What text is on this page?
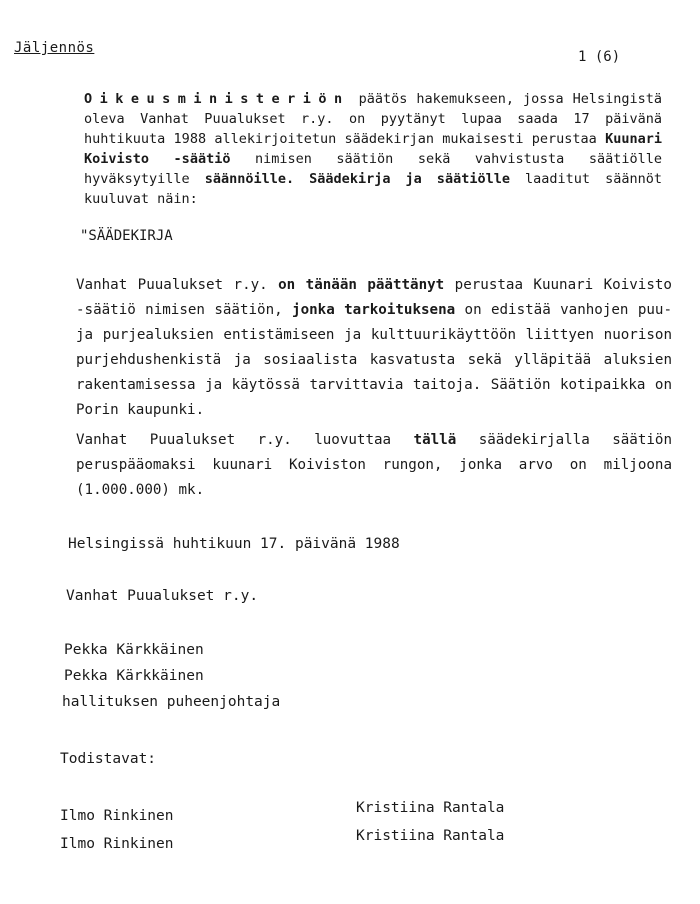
Jäljennös
1 (6)

Oikeusministeriön päätös hakemukseen, jossa Helsingistä oleva Vanhat Puualukset r.y. on pyytänyt lupaa saada 17 päivänä huhtikuuta 1988 allekirjoitetun säädekirjan mukaisesti perustaa Kuunari Koivisto -säätiö nimisen säätiön sekä vahvistusta säätiölle hyväksytyille säännöille. Säädekirja ja säätiölle laaditut säännöt kuuluvat näin:

"SÄÄDEKIRJA

Vanhat Puualukset r.y. on tänään päättänyt perustaa Kuunari Koivisto -säätiö nimisen säätiön, jonka tarkoituksena on edistää vanhojen puu- ja purjealuksien entistämiseen ja kulttuurikäyttöön liittyen nuorison purjehdushenkistä ja sosiaalista kasvatusta sekä ylläpitää aluksien rakentamisessa ja käytössä tarvittavia taitoja. Säätiön kotipaikka on Porin kaupunki.

Vanhat Puualukset r.y. luovuttaa tällä säädekirjalla säätiön peruspääomaksi kuunari Koiviston rungon, jonka arvo on miljoona (1.000.000) mk.

Helsingissä huhtikuun 17. päivänä 1988
Vanhat Puualukset r.y.
Pekka Kärkkäinen
Pekka Kärkkäinen
hallituksen puheenjohtaja
Todistavat:
Ilmo Rinkinen
Ilmo Rinkinen
Kristiina Rantala
Kristiina Rantala
